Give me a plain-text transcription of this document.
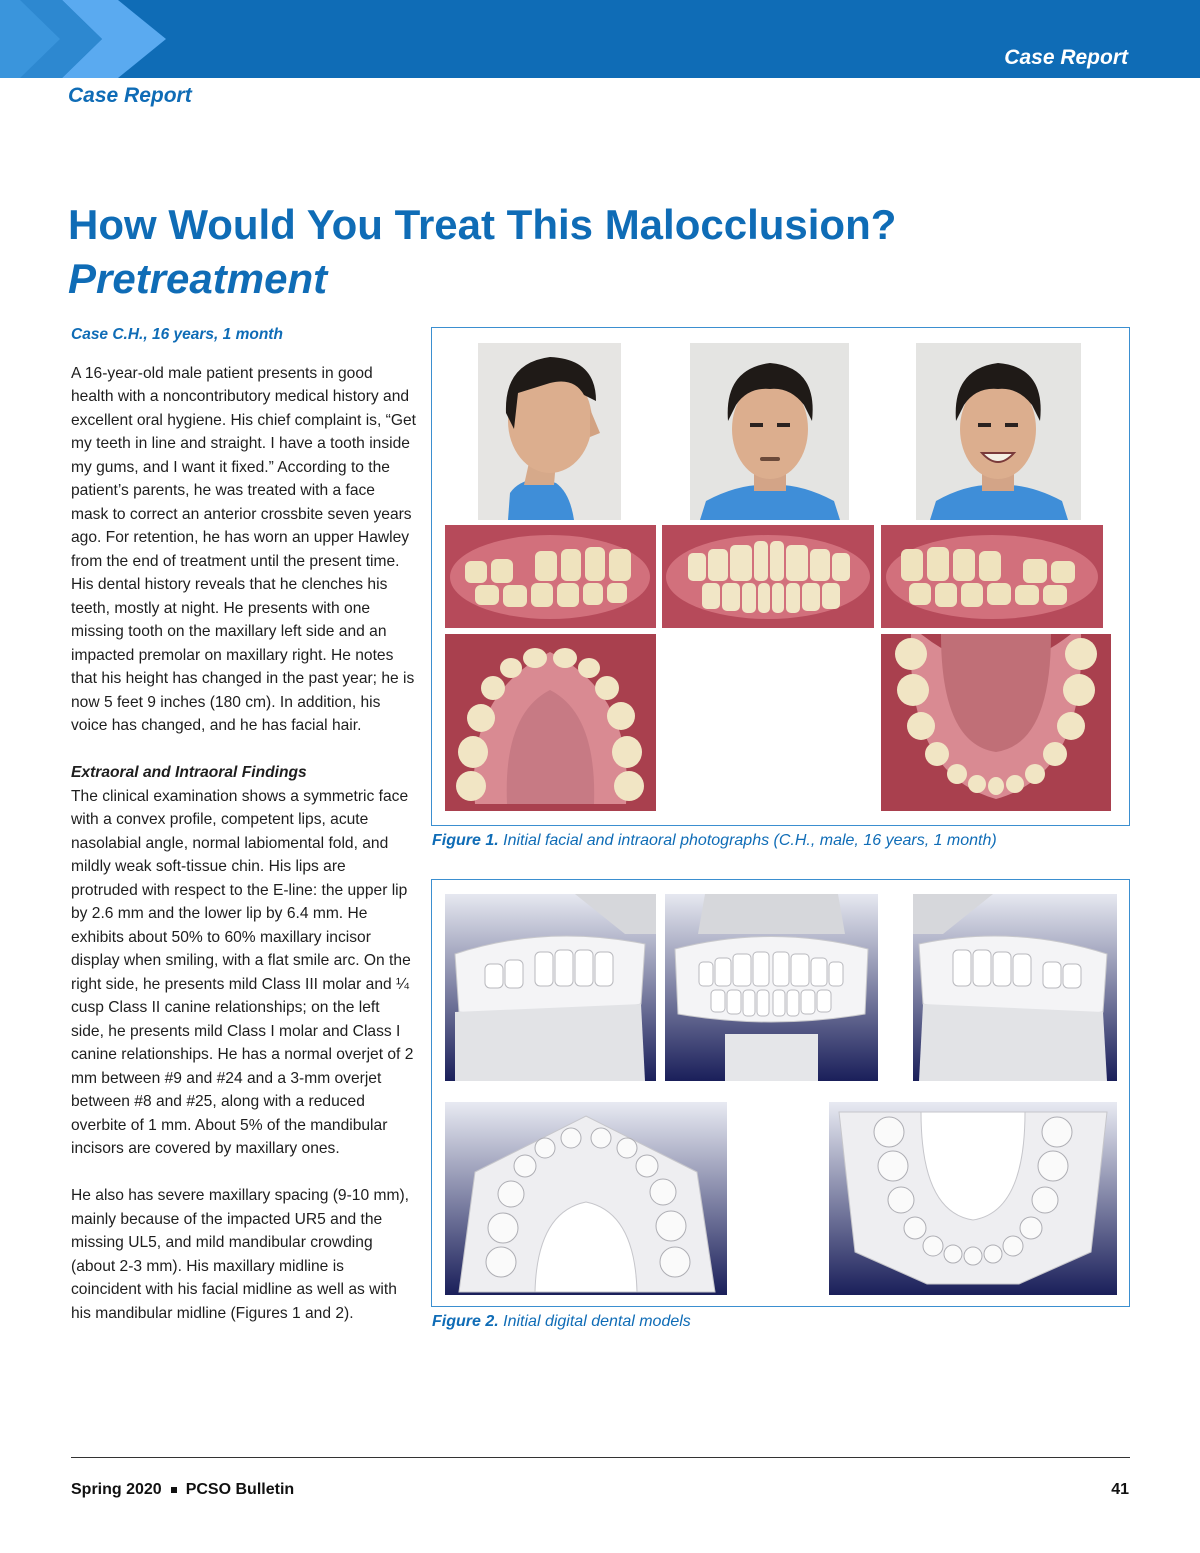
Case Report
Case Report
How Would You Treat This Malocclusion?
Pretreatment
Case C.H., 16 years, 1 month

A 16-year-old male patient presents in good health with a noncontributory medical history and excellent oral hygiene. His chief complaint is, “Get my teeth in line and straight. I have a tooth inside my gums, and I want it fixed.” According to the patient’s parents, he was treated with a face mask to correct an anterior crossbite seven years ago. For retention, he has worn an upper Hawley from the end of treatment until the present time. His dental history reveals that he clenches his teeth, mostly at night. He presents with one missing tooth on the maxillary left side and an impacted premolar on maxillary right. He notes that his height has changed in the past year; he is now 5 feet 9 inches (180 cm). In addition, his voice has changed, and he has facial hair.

Extraoral and Intraoral Findings
The clinical examination shows a symmetric face with a convex profile, competent lips, acute nasolabial angle, normal labiomental fold, and mildly weak soft-tissue chin. His lips are protruded with respect to the E-line: the upper lip by 2.6 mm and the lower lip by 6.4 mm. He exhibits about 50% to 60% maxillary incisor display when smiling, with a flat smile arc. On the right side, he presents mild Class III molar and ¼ cusp Class II canine relationships; on the left side, he presents mild Class I molar and Class I canine relationships. He has a normal overjet of 2 mm between #9 and #24 and a 3-mm overjet between #8 and #25, along with a reduced overbite of 1 mm. About 5% of the mandibular incisors are covered by maxillary ones.

He also has severe maxillary spacing (9-10 mm), mainly because of the impacted UR5 and the missing UL5, and mild mandibular crowding (about 2-3 mm). His maxillary midline is coincident with his facial midline as well as with his mandibular midline (Figures 1 and 2).

Figure 1. Initial facial and intraoral photographs (C.H., male, 16 years, 1 month)
Figure 2. Initial digital dental models
Spring 2020 PCSO Bulletin	41
